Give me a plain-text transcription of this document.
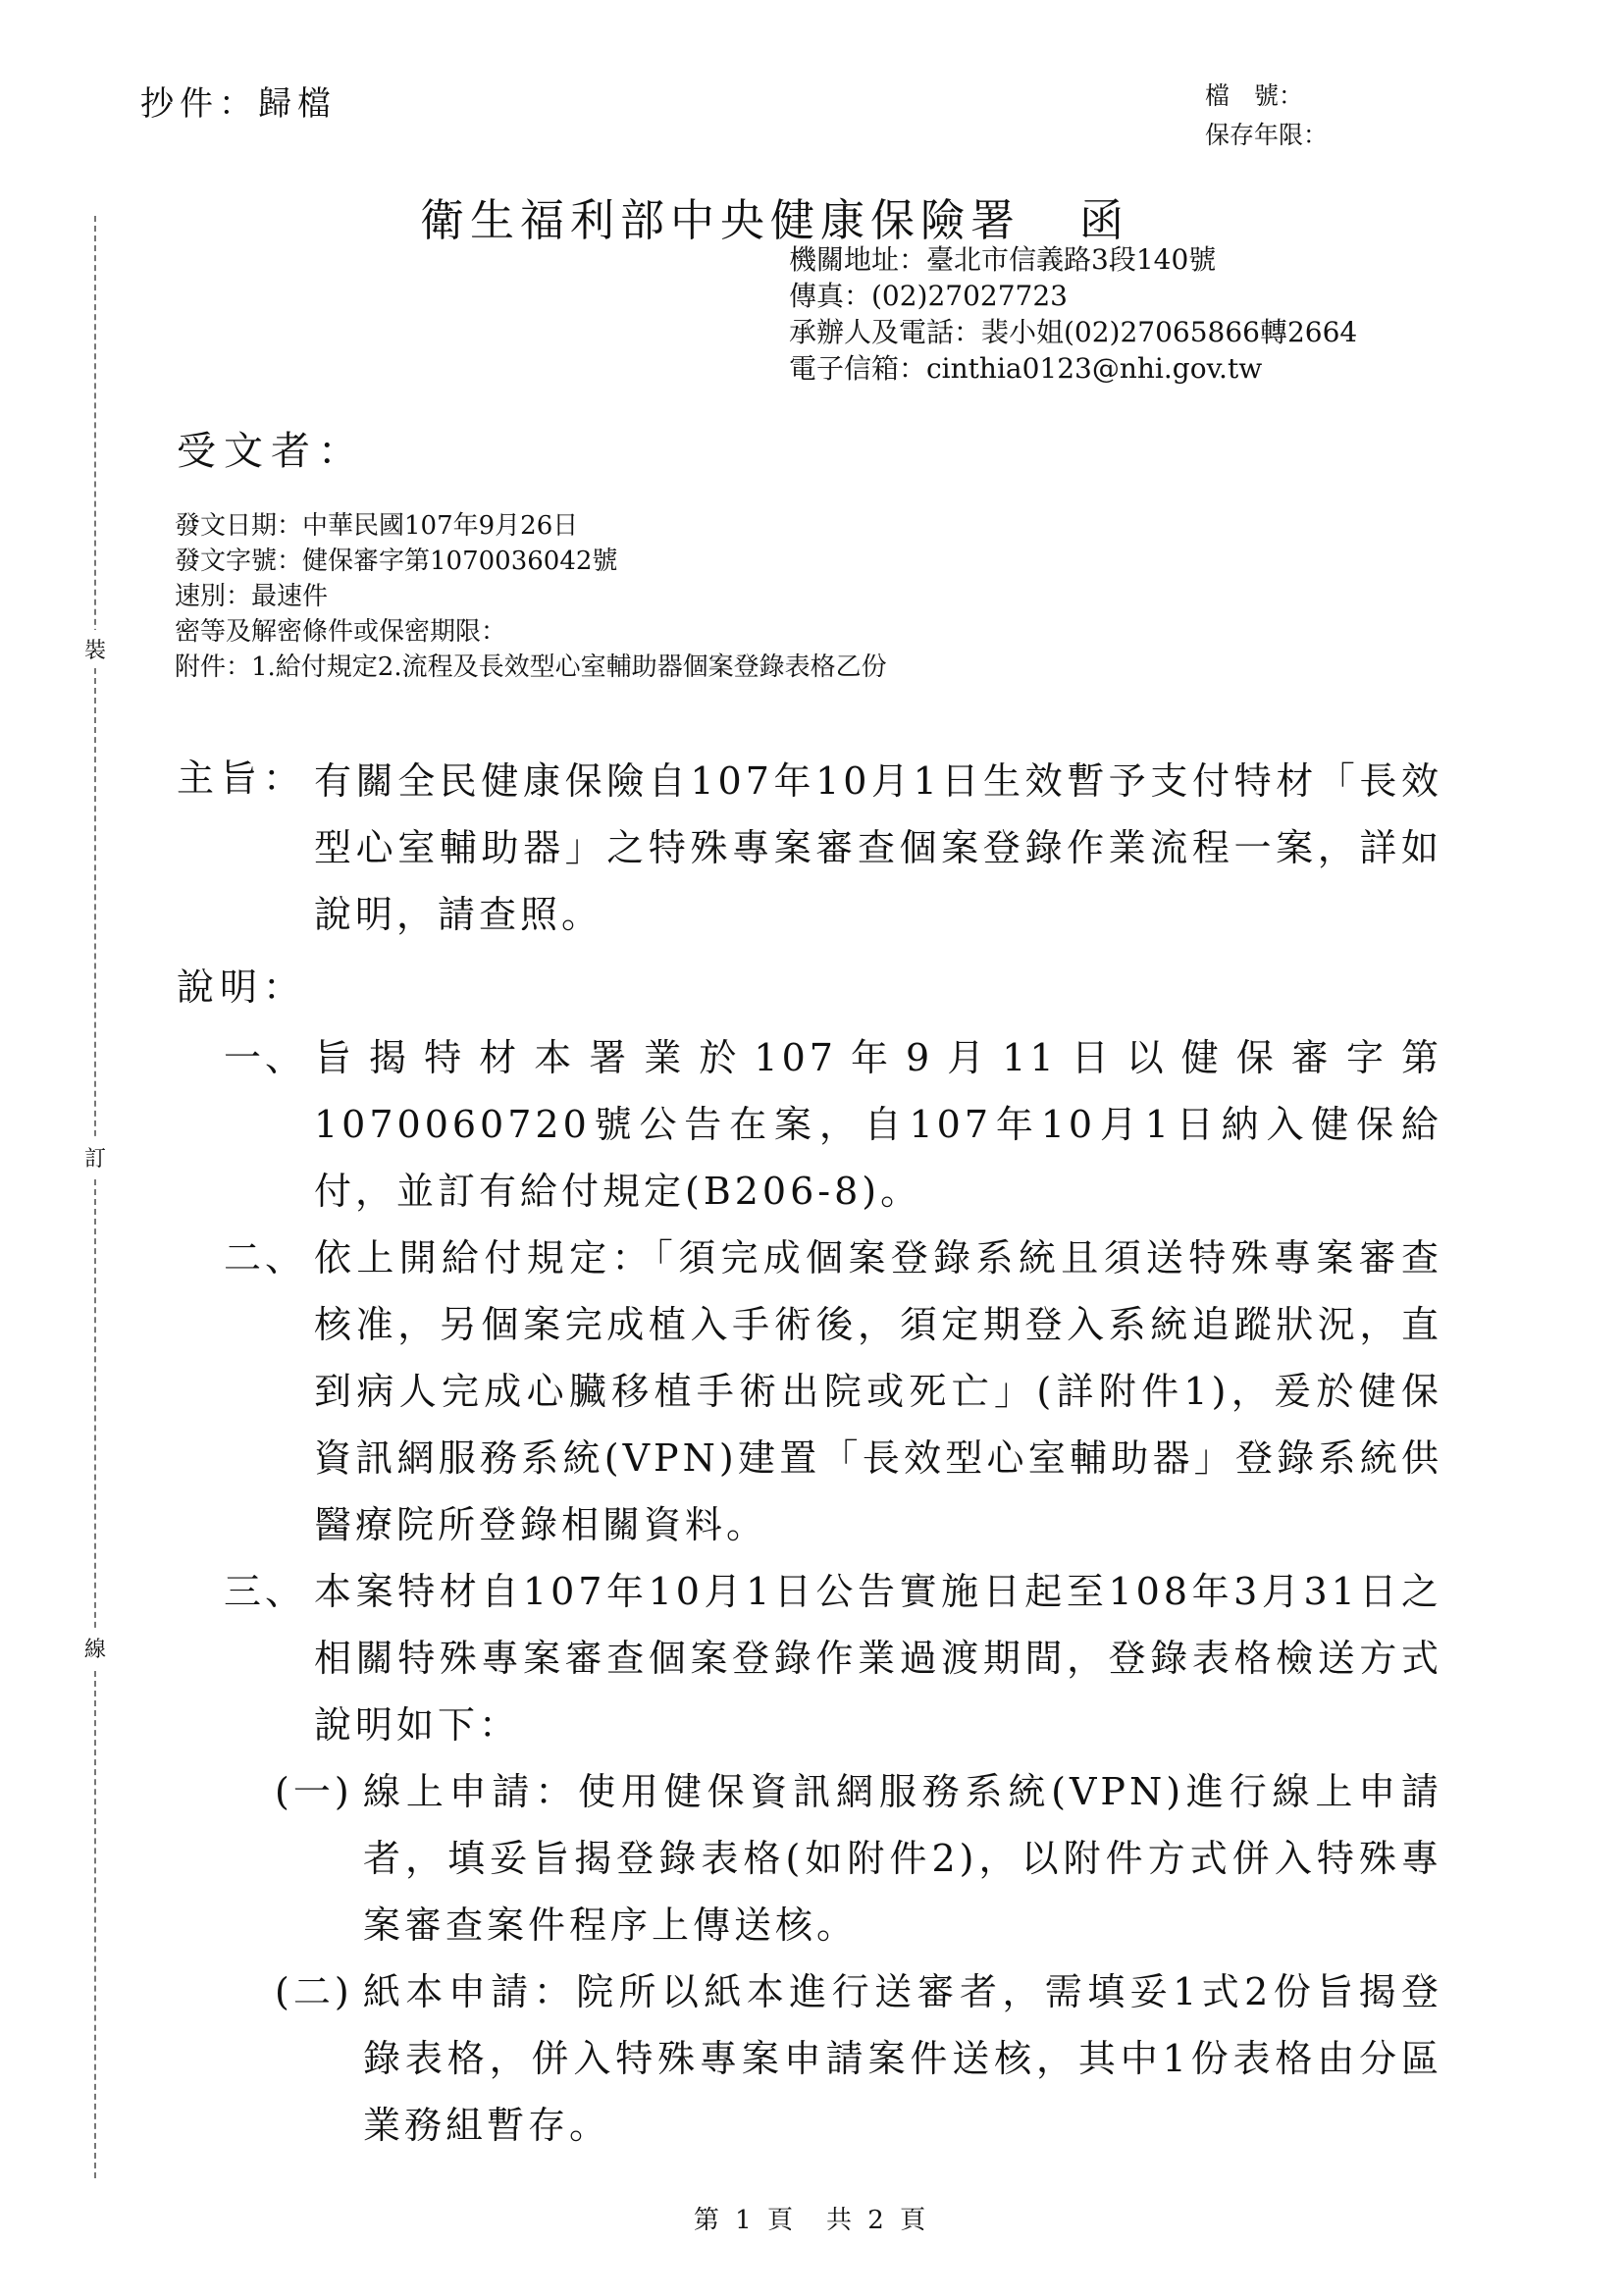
抄件：歸檔	檔　號：
保存年限：
衛生福利部中央健康保險署 函
機關地址：臺北市信義路3段140號
傳真：(02)27027723
承辦人及電話：裴小姐(02)27065866轉2664
電子信箱：cinthia0123@nhi.gov.tw
受文者：
發文日期：中華民國107年9月26日
發文字號：健保審字第1070036042號
速別：最速件
密等及解密條件或保密期限：
附件：1.給付規定2.流程及長效型心室輔助器個案登錄表格乙份
主旨： 有關全民健康保險自107年10月1日生效暫予支付特材「長效型心室輔助器」之特殊專案審查個案登錄作業流程一案，詳如說明，請查照。
說明：
一、 旨揭特材本署業於107年9月11日以健保審字第1070060720號公告在案，自107年10月1日納入健保給付，並訂有給付規定(B206-8)。
二、 依上開給付規定：「須完成個案登錄系統且須送特殊專案審查核准，另個案完成植入手術後，須定期登入系統追蹤狀況，直到病人完成心臟移植手術出院或死亡」(詳附件1)，爰於健保資訊網服務系統(VPN)建置「長效型心室輔助器」登錄系統供醫療院所登錄相關資料。
三、 本案特材自107年10月1日公告實施日起至108年3月31日之相關特殊專案審查個案登錄作業過渡期間，登錄表格檢送方式說明如下：
(一) 線上申請：使用健保資訊網服務系統(VPN)進行線上申請者，填妥旨揭登錄表格(如附件2)，以附件方式併入特殊專案審查案件程序上傳送核。
(二) 紙本申請：院所以紙本進行送審者，需填妥1式2份旨揭登錄表格，併入特殊專案申請案件送核，其中1份表格由分區業務組暫存。
裝
訂
線
第 1 頁　共 2 頁
